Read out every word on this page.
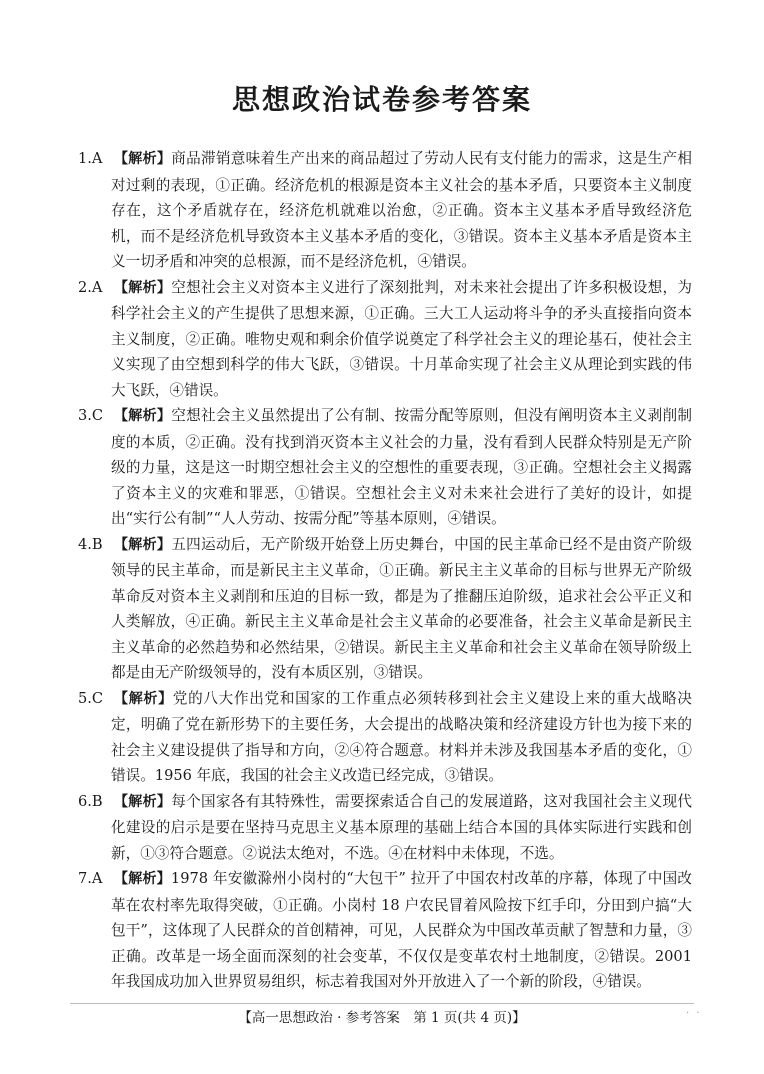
思想政治试卷参考答案

1.A 【解析】商品滞销意味着生产出来的商品超过了劳动人民有支付能力的需求，这是生产相对过剩的表现，①正确。经济危机的根源是资本主义社会的基本矛盾，只要资本主义制度存在，这个矛盾就存在，经济危机就难以治愈，②正确。资本主义基本矛盾导致经济危机，而不是经济危机导致资本主义基本矛盾的变化，③错误。资本主义基本矛盾是资本主义一切矛盾和冲突的总根源，而不是经济危机，④错误。

2.A 【解析】空想社会主义对资本主义进行了深刻批判，对未来社会提出了许多积极设想，为科学社会主义的产生提供了思想来源，①正确。三大工人运动将斗争的矛头直接指向资本主义制度，②正确。唯物史观和剩余价值学说奠定了科学社会主义的理论基石，使社会主义实现了由空想到科学的伟大飞跃，③错误。十月革命实现了社会主义从理论到实践的伟大飞跃，④错误。

3.C 【解析】空想社会主义虽然提出了公有制、按需分配等原则，但没有阐明资本主义剥削制度的本质，②正确。没有找到消灭资本主义社会的力量，没有看到人民群众特别是无产阶级的力量，这是这一时期空想社会主义的空想性的重要表现，③正确。空想社会主义揭露了资本主义的灾难和罪恶，①错误。空想社会主义对未来社会进行了美好的设计，如提出“实行公有制”“人人劳动、按需分配”等基本原则，④错误。

4.B 【解析】五四运动后，无产阶级开始登上历史舞台，中国的民主革命已经不是由资产阶级领导的民主革命，而是新民主主义革命，①正确。新民主主义革命的目标与世界无产阶级革命反对资本主义剥削和压迫的目标一致，都是为了推翻压迫阶级，追求社会公平正义和人类解放，④正确。新民主主义革命是社会主义革命的必要准备，社会主义革命是新民主主义革命的必然趋势和必然结果，②错误。新民主主义革命和社会主义革命在领导阶级上都是由无产阶级领导的，没有本质区别，③错误。

5.C 【解析】党的八大作出党和国家的工作重点必须转移到社会主义建设上来的重大战略决定，明确了党在新形势下的主要任务，大会提出的战略决策和经济建设方针也为接下来的社会主义建设提供了指导和方向，②④符合题意。材料并未涉及我国基本矛盾的变化，①错误。1956 年底，我国的社会主义改造已经完成，③错误。

6.B 【解析】每个国家各有其特殊性，需要探索适合自己的发展道路，这对我国社会主义现代化建设的启示是要在坚持马克思主义基本原理的基础上结合本国的具体实际进行实践和创新，①③符合题意。②说法太绝对，不选。④在材料中未体现，不选。

7.A 【解析】1978 年安徽滁州小岗村的“大包干” 拉开了中国农村改革的序幕，体现了中国改革在农村率先取得突破，①正确。小岗村 18 户农民冒着风险按下红手印，分田到户搞“大包干”，这体现了人民群众的首创精神，可见，人民群众为中国改革贡献了智慧和力量，③正确。改革是一场全面而深刻的社会变革，不仅仅是变革农村土地制度，②错误。2001 年我国成功加入世界贸易组织，标志着我国对外开放进入了一个新的阶段，④错误。

【高一思想政治 · 参考答案　第 1 页(共 4 页)】	· ·
